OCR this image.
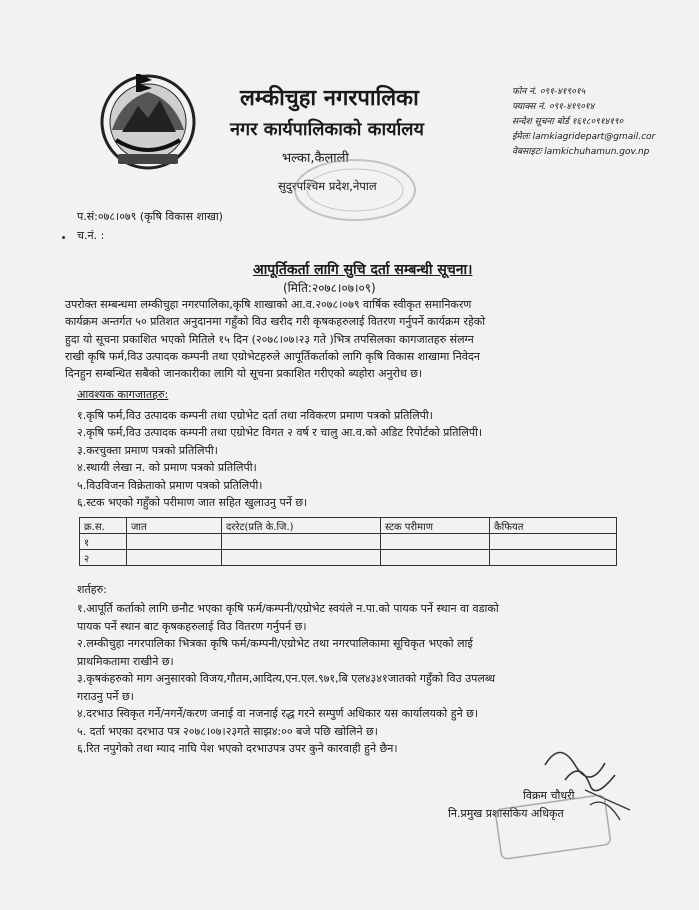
लम्कीचुहा नगरपालिका
नगर कार्यपालिकाको कार्यालय
भल्का,कैलाली
सुदुरपश्चिम प्रदेश,नेपाल
फोन नं. ०९१-४१९०१५
फ्याक्स नं. ०९१-४१९०१४
सन्देश सूचना बोर्ड १६१८०९१४१९०
ईमेलः lamkiagridepart@gmail.cor
वेबसाइटः lamkichuhamun.gov.np
प.सं:०७८।०७९ (कृषि विकास शाखा)
च.नं. :
आपूर्तिकर्ता लागि सुचि दर्ता सम्बन्धी सूचना।
(मिति:२०७८।०७।०९)

उपरोक्त सम्बन्धमा लम्कीचुहा नगरपालिका,कृषि शाखाको आ.व.२०७८।०७९ वार्षिक स्वीकृत समानिकरण

कार्यक्रम अन्तर्गत ५० प्रतिशत अनुदानमा गहुँको विउ खरीद गरी कृषकहरुलाई वितरण गर्नुपर्ने कार्यक्रम रहेको

हुदा यो सूचना प्रकाशित भएको मितिले १५ दिन (२०७८।०७।२३ गते )भित्र तपसिलका कागजातहरु संलग्न

राखी कृषि फर्म,विउ उत्पादक कम्पनी तथा एग्रोभेटहरुले आपूर्तिकर्ताको लागि कृषि विकास शाखामा निवेदन

दिनहुन सम्बन्धित सबैको जानकारीका लागि यो सूचना प्रकाशित गरीएको ब्यहोरा अनुरोध छ।

आवश्यक कागजातहरु:
१.कृषि फर्म,विउ उत्पादक कम्पनी तथा एग्रोभेट दर्ता तथा नविकरण प्रमाण पत्रको प्रतिलिपी।
२.कृषि फर्म,विउ उत्पादक कम्पनी तथा एग्रोभेट विगत २ वर्ष र चालु आ.व.को अडिट रिपोर्टको प्रतिलिपी।
३.करचुक्ता प्रमाण पत्रको प्रतिलिपी।
४.स्थायी लेखा न. को प्रमाण पत्रको प्रतिलिपी।
५.विउविजन विक्रेताको प्रमाण पत्रको प्रतिलिपी।
६.स्टक भएको गहुँको परीमाण जात सहित खुलाउनु पर्ने छ।
क्र.स.	जात	दररेट(प्रति के.जि.)	स्टक परीमाण	कैफियत
१				
२				
शर्तहरु:
१.आपूर्ति कर्ताको लागि छनौट भएका कृषि फर्म/कम्पनी/एग्रोभेट स्वयंले न.पा.को पायक पर्ने स्थान वा वडाको
पायक पर्ने स्थान बाट कृषकहरुलाई विउ वितरण गर्नुपर्न छ।
२.लम्कीचुहा नगरपालिका भित्रका कृषि फर्म/कम्पनी/एग्रोभेट तथा नगरपालिकामा सूचिकृत भएको लाई
प्राथमिकतामा राखीने छ।
३.कृषकंहरुको माग अनुसारको विजय,गौतम,आदित्य,एन.एल.९७१,बि एल४३४१जातको गहुँको विउ उपलब्ध
गराउनु पर्ने छ।
४.दरभाउ स्विकृत गर्ने/नगर्ने/करण जनाई वा नजनाई रद्ध गरने सम्पुर्ण अधिकार यस कार्यालयको हुने छ।
५. दर्ता भएका दरभाउ पत्र २०७८।०७।२३गते साझ४:०० बजे पछि खोलिने छ।
६.रित नपुगेको तथा म्याद नाघि पेश भएको दरभाउपत्र उपर कुने कारवाही हुने छैन।
विक्रम चौधरी
नि.प्रमुख प्रशासकिय अधिकृत
